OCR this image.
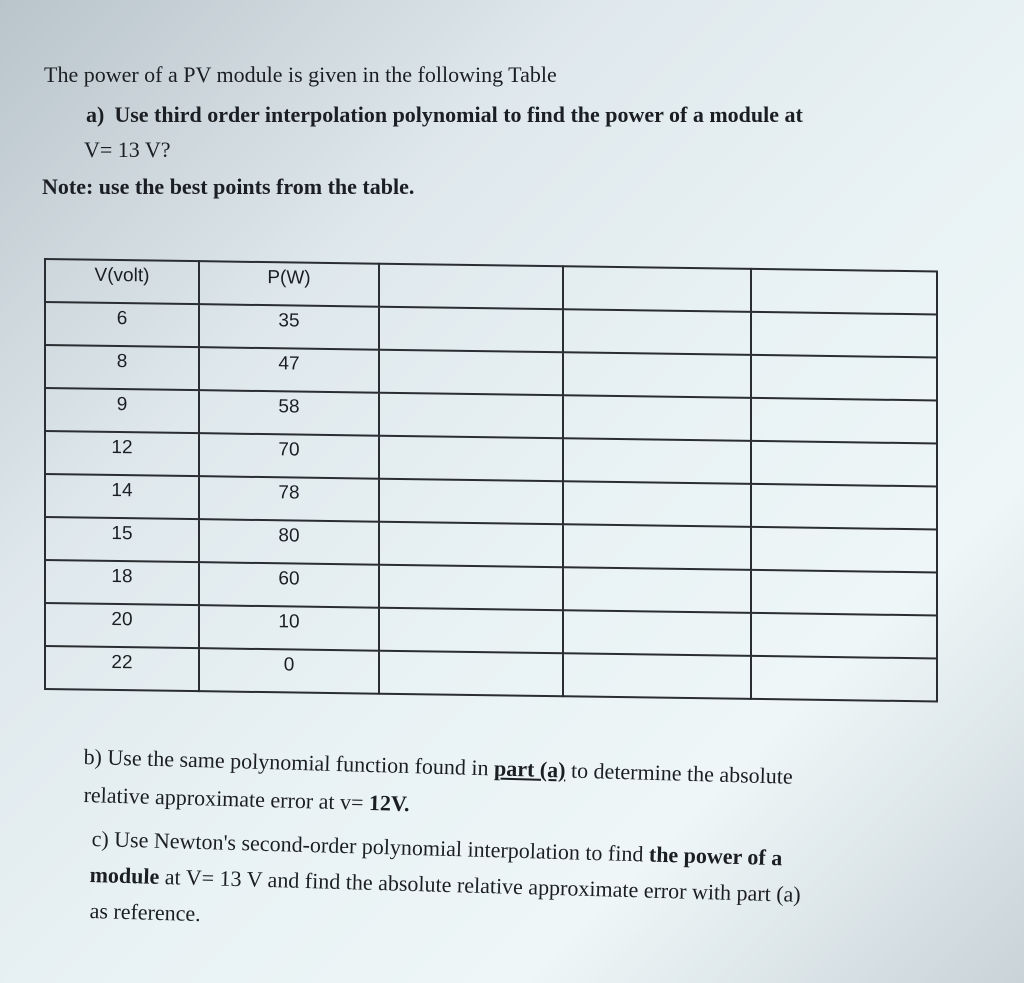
The power of a PV module is given in the following Table
a) Use third order interpolation polynomial to find the power of a module at
V= 13 V?
Note: use the best points from the table.
V(volt)	P(W)			
6	35			
8	47			
9	58			
12	70			
14	78			
15	80			
18	60			
20	10			
22	0			
b) Use the same polynomial function found in part (a) to determine the absolute
relative approximate error at v= 12V.
c) Use Newton's second-order polynomial interpolation to find the power of a
module at V= 13 V and find the absolute relative approximate error with part (a)
as reference.
